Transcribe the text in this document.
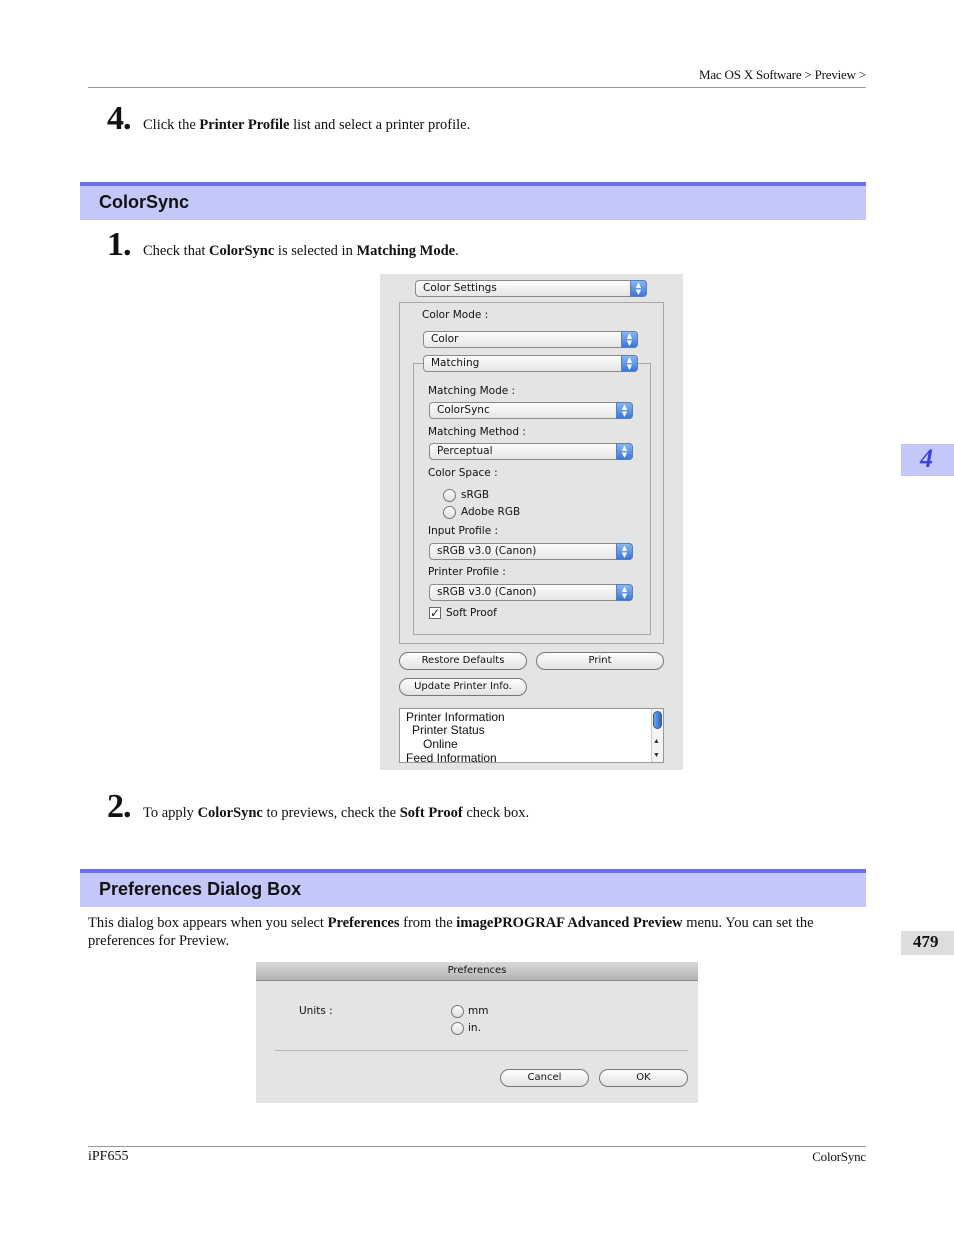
Mac OS X Software > Preview >
4. Click the Printer Profile list and select a printer profile.
ColorSync
1. Check that ColorSync is selected in Matching Mode.
Color Settings	▲
▼
Color Mode :
Color	▲
▼
Matching	▲
▼
Matching Mode :
ColorSync	▲
▼
Matching Method :
Perceptual	▲
▼
Color Space :
sRGB
Adobe RGB
Input Profile :
sRGB v3.0 (Canon)	▲
▼
Printer Profile :
sRGB v3.0 (Canon)	▲
▼
✓ Soft Proof
Restore Defaults	Print
Update Printer Info.
Printer Information
Printer Status
Online
Feed Information
▲
▼
2. To apply ColorSync to previews, check the Soft Proof check box.
Preferences Dialog Box
This dialog box appears when you select Preferences from the imagePROGRAF Advanced Preview menu. You can set the preferences for Preview.
Preferences
Units :	mm
in.
Cancel	OK
4
479
iPF655	ColorSync
